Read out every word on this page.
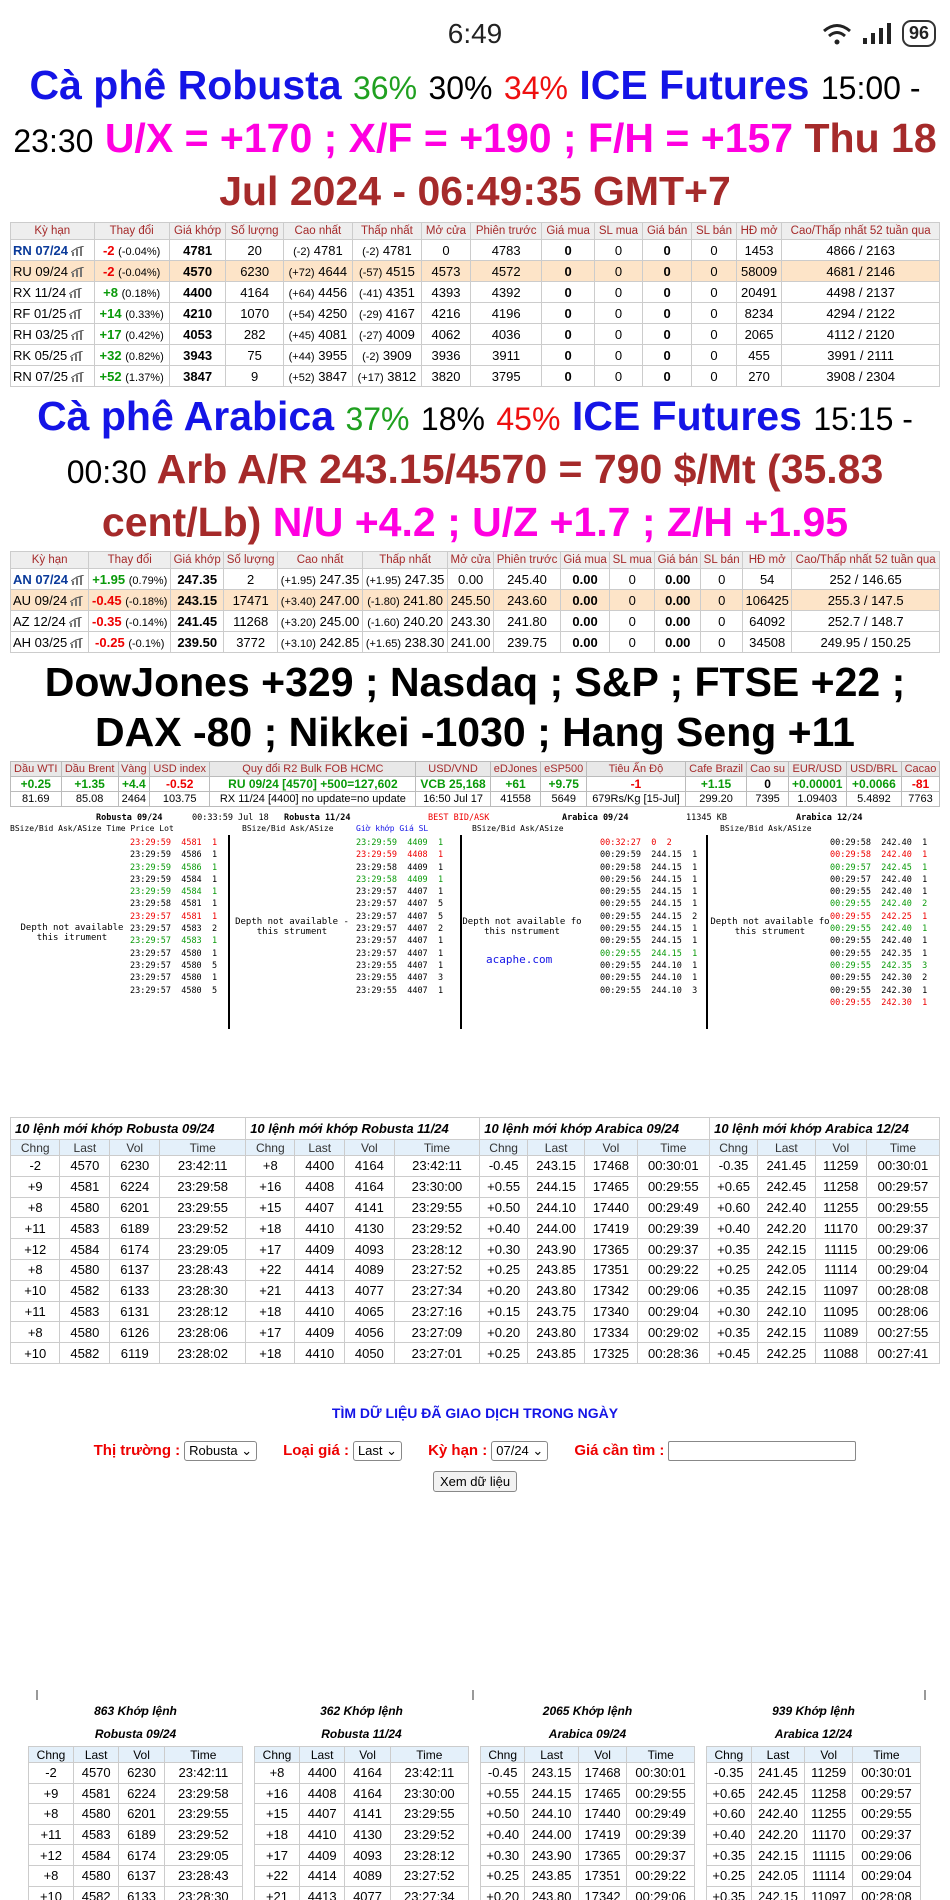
6:49	96
Cà phê Robusta 36% 30% 34% ICE Futures 15:00 - 23:30 U/X = +170 ; X/F = +190 ; F/H = +157 Thu 18 Jul 2024 - 06:49:35 GMT+7
Kỳ hạn	Thay đổi	Giá khớp	Số lượng	Cao nhất	Thấp nhất	Mở cửa	Phiên trước	Giá mua	SL mua	Giá bán	SL bán	HĐ mở	Cao/Thấp nhất 52 tuần qua
RN 07/24	-2 (-0.04%)	4781	20	(-2) 4781	(-2) 4781	0	4783	0	0	0	0	1453	4866 / 2163
RU 09/24	-2 (-0.04%)	4570	6230	(+72) 4644	(-57) 4515	4573	4572	0	0	0	0	58009	4681 / 2146
RX 11/24	+8 (0.18%)	4400	4164	(+64) 4456	(-41) 4351	4393	4392	0	0	0	0	20491	4498 / 2137
RF 01/25	+14 (0.33%)	4210	1070	(+54) 4250	(-29) 4167	4216	4196	0	0	0	0	8234	4294 / 2122
RH 03/25	+17 (0.42%)	4053	282	(+45) 4081	(-27) 4009	4062	4036	0	0	0	0	2065	4112 / 2120
RK 05/25	+32 (0.82%)	3943	75	(+44) 3955	(-2) 3909	3936	3911	0	0	0	0	455	3991 / 2111
RN 07/25	+52 (1.37%)	3847	9	(+52) 3847	(+17) 3812	3820	3795	0	0	0	0	270	3908 / 2304
Cà phê Arabica 37% 18% 45% ICE Futures 15:15 - 00:30 Arb A/R 243.15/4570 = 790 $/Mt (35.83 cent/Lb) N/U +4.2 ; U/Z +1.7 ; Z/H +1.95
Kỳ hạn	Thay đổi	Giá khớp	Số lượng	Cao nhất	Thấp nhất	Mở cửa	Phiên trước	Giá mua	SL mua	Giá bán	SL bán	HĐ mở	Cao/Thấp nhất 52 tuần qua
AN 07/24	+1.95 (0.79%)	247.35	2	(+1.95) 247.35	(+1.95) 247.35	0.00	245.40	0.00	0	0.00	0	54	252 / 146.65
AU 09/24	-0.45 (-0.18%)	243.15	17471	(+3.40) 247.00	(-1.80) 241.80	245.50	243.60	0.00	0	0.00	0	106425	255.3 / 147.5
AZ 12/24	-0.35 (-0.14%)	241.45	11268	(+3.20) 245.00	(-1.60) 240.20	243.30	241.80	0.00	0	0.00	0	64092	252.7 / 148.7
AH 03/25	-0.25 (-0.1%)	239.50	3772	(+3.10) 242.85	(+1.65) 238.30	241.00	239.75	0.00	0	0.00	0	34508	249.95 / 150.25
DowJones +329 ; Nasdaq ; S&P ; FTSE +22 ; DAX -80 ; Nikkei -1030 ; Hang Seng +11
Dầu WTI	Dầu Brent	Vàng	USD index	Quy đổi R2 Bulk FOB HCMC	USD/VND	eDJones	eSP500	Tiêu Ấn Độ	Cafe Brazil	Cao su	EUR/USD	USD/BRL	Cacao
+0.25	+1.35	+4.4	-0.52	RU 09/24 [4570] +500=127,602	VCB 25,168	+61	+9.75	-1	+1.15	0	+0.00001	+0.0066	-81
81.69	85.08	2464	103.75	RX 11/24 [4400] no update=no update	16:50 Jul 17	41558	5649	679Rs/Kg [15-Jul]	299.20	7395	1.09403	5.4892	7763
Robusta 09/24	00:33:59 Jul 18 Robusta 11/24	BEST BID/ASK	Arabica 09/24	11345 KB	Arabica 12/24
BSize/Bid Ask/ASize Time Price Lot	BSize/Bid Ask/ASize	Giờ khớp Giá SL	BSize/Bid Ask/ASize	BSize/Bid Ask/ASize
Depth not available this itrument
Depth not available - this strument
Depth not available fo this nstrument
Depth not available fo this strument
acaphe.com
23:29:59 4581 1
23:29:59 4586 1
23:29:59 4586 1
23:29:59 4584 1
23:29:59 4584 1
23:29:58 4581 1
23:29:57 4581 1
23:29:57 4583 2
23:29:57 4583 1
23:29:57 4580 1
23:29:57 4580 5
23:29:57 4580 1
23:29:57 4580 5
23:29:59 4409 1
23:29:59 4408 1
23:29:58 4409 1
23:29:58 4409 1
23:29:57 4407 1
23:29:57 4407 5
23:29:57 4407 5
23:29:57 4407 2
23:29:57 4407 1
23:29:57 4407 1
23:29:55 4407 1
23:29:55 4407 3
23:29:55 4407 1
00:32:27 0 2
00:29:59 244.15 1
00:29:58 244.15 1
00:29:56 244.15 1
00:29:55 244.15 1
00:29:55 244.15 1
00:29:55 244.15 2
00:29:55 244.15 1
00:29:55 244.15 1
00:29:55 244.15 1
00:29:55 244.10 1
00:29:55 244.10 1
00:29:55 244.10 3
00:29:58 242.40 1
00:29:58 242.40 1
00:29:57 242.45 1
00:29:57 242.40 1
00:29:55 242.40 1
00:29:55 242.40 2
00:29:55 242.25 1
00:29:55 242.40 1
00:29:55 242.40 1
00:29:55 242.35 1
00:29:55 242.35 3
00:29:55 242.30 2
00:29:55 242.30 1
00:29:55 242.30 1
10 lệnh mới khớp Robusta 09/24				10 lệnh mới khớp Robusta 11/24				10 lệnh mới khớp Arabica 09/24				10 lệnh mới khớp Arabica 12/24			
Chng	Last	Vol	Time	Chng	Last	Vol	Time	Chng	Last	Vol	Time	Chng	Last	Vol	Time
-2	4570	6230	23:42:11	+8	4400	4164	23:42:11	-0.45	243.15	17468	00:30:01	-0.35	241.45	11259	00:30:01
+9	4581	6224	23:29:58	+16	4408	4164	23:30:00	+0.55	244.15	17465	00:29:55	+0.65	242.45	11258	00:29:57
+8	4580	6201	23:29:55	+15	4407	4141	23:29:55	+0.50	244.10	17440	00:29:49	+0.60	242.40	11255	00:29:55
+11	4583	6189	23:29:52	+18	4410	4130	23:29:52	+0.40	244.00	17419	00:29:39	+0.40	242.20	11170	00:29:37
+12	4584	6174	23:29:05	+17	4409	4093	23:28:12	+0.30	243.90	17365	00:29:37	+0.35	242.15	11115	00:29:06
+8	4580	6137	23:28:43	+22	4414	4089	23:27:52	+0.25	243.85	17351	00:29:22	+0.25	242.05	11114	00:29:04
+10	4582	6133	23:28:30	+21	4413	4077	23:27:34	+0.20	243.80	17342	00:29:06	+0.35	242.15	11097	00:28:08
+11	4583	6131	23:28:12	+18	4410	4065	23:27:16	+0.15	243.75	17340	00:29:04	+0.30	242.10	11095	00:28:06
+8	4580	6126	23:28:06	+17	4409	4056	23:27:09	+0.20	243.80	17334	00:29:02	+0.35	242.15	11089	00:27:55
+10	4582	6119	23:28:02	+18	4410	4050	23:27:01	+0.25	243.85	17325	00:28:36	+0.45	242.25	11088	00:27:41
TÌM DỮ LIỆU ĐÃ GIAO DỊCH TRONG NGÀY
Thị trường : Robusta ⌄	Loại giá : Last ⌄	Kỳ hạn : 07/24 ⌄	Giá cần tìm :
Xem dữ liệu
863 Khớp lệnh
Robusta 09/24
Chng	Last	Vol	Time
-2	4570	6230	23:42:11
+9	4581	6224	23:29:58
+8	4580	6201	23:29:55
+11	4583	6189	23:29:52
+12	4584	6174	23:29:05
+8	4580	6137	23:28:43
+10	4582	6133	23:28:30
362 Khớp lệnh
Robusta 11/24
Chng	Last	Vol	Time
+8	4400	4164	23:42:11
+16	4408	4164	23:30:00
+15	4407	4141	23:29:55
+18	4410	4130	23:29:52
+17	4409	4093	23:28:12
+22	4414	4089	23:27:52
+21	4413	4077	23:27:34
2065 Khớp lệnh
Arabica 09/24
Chng	Last	Vol	Time
-0.45	243.15	17468	00:30:01
+0.55	244.15	17465	00:29:55
+0.50	244.10	17440	00:29:49
+0.40	244.00	17419	00:29:39
+0.30	243.90	17365	00:29:37
+0.25	243.85	17351	00:29:22
+0.20	243.80	17342	00:29:06
939 Khớp lệnh
Arabica 12/24
Chng	Last	Vol	Time
-0.35	241.45	11259	00:30:01
+0.65	242.45	11258	00:29:57
+0.60	242.40	11255	00:29:55
+0.40	242.20	11170	00:29:37
+0.35	242.15	11115	00:29:06
+0.25	242.05	11114	00:29:04
+0.35	242.15	11097	00:28:08
